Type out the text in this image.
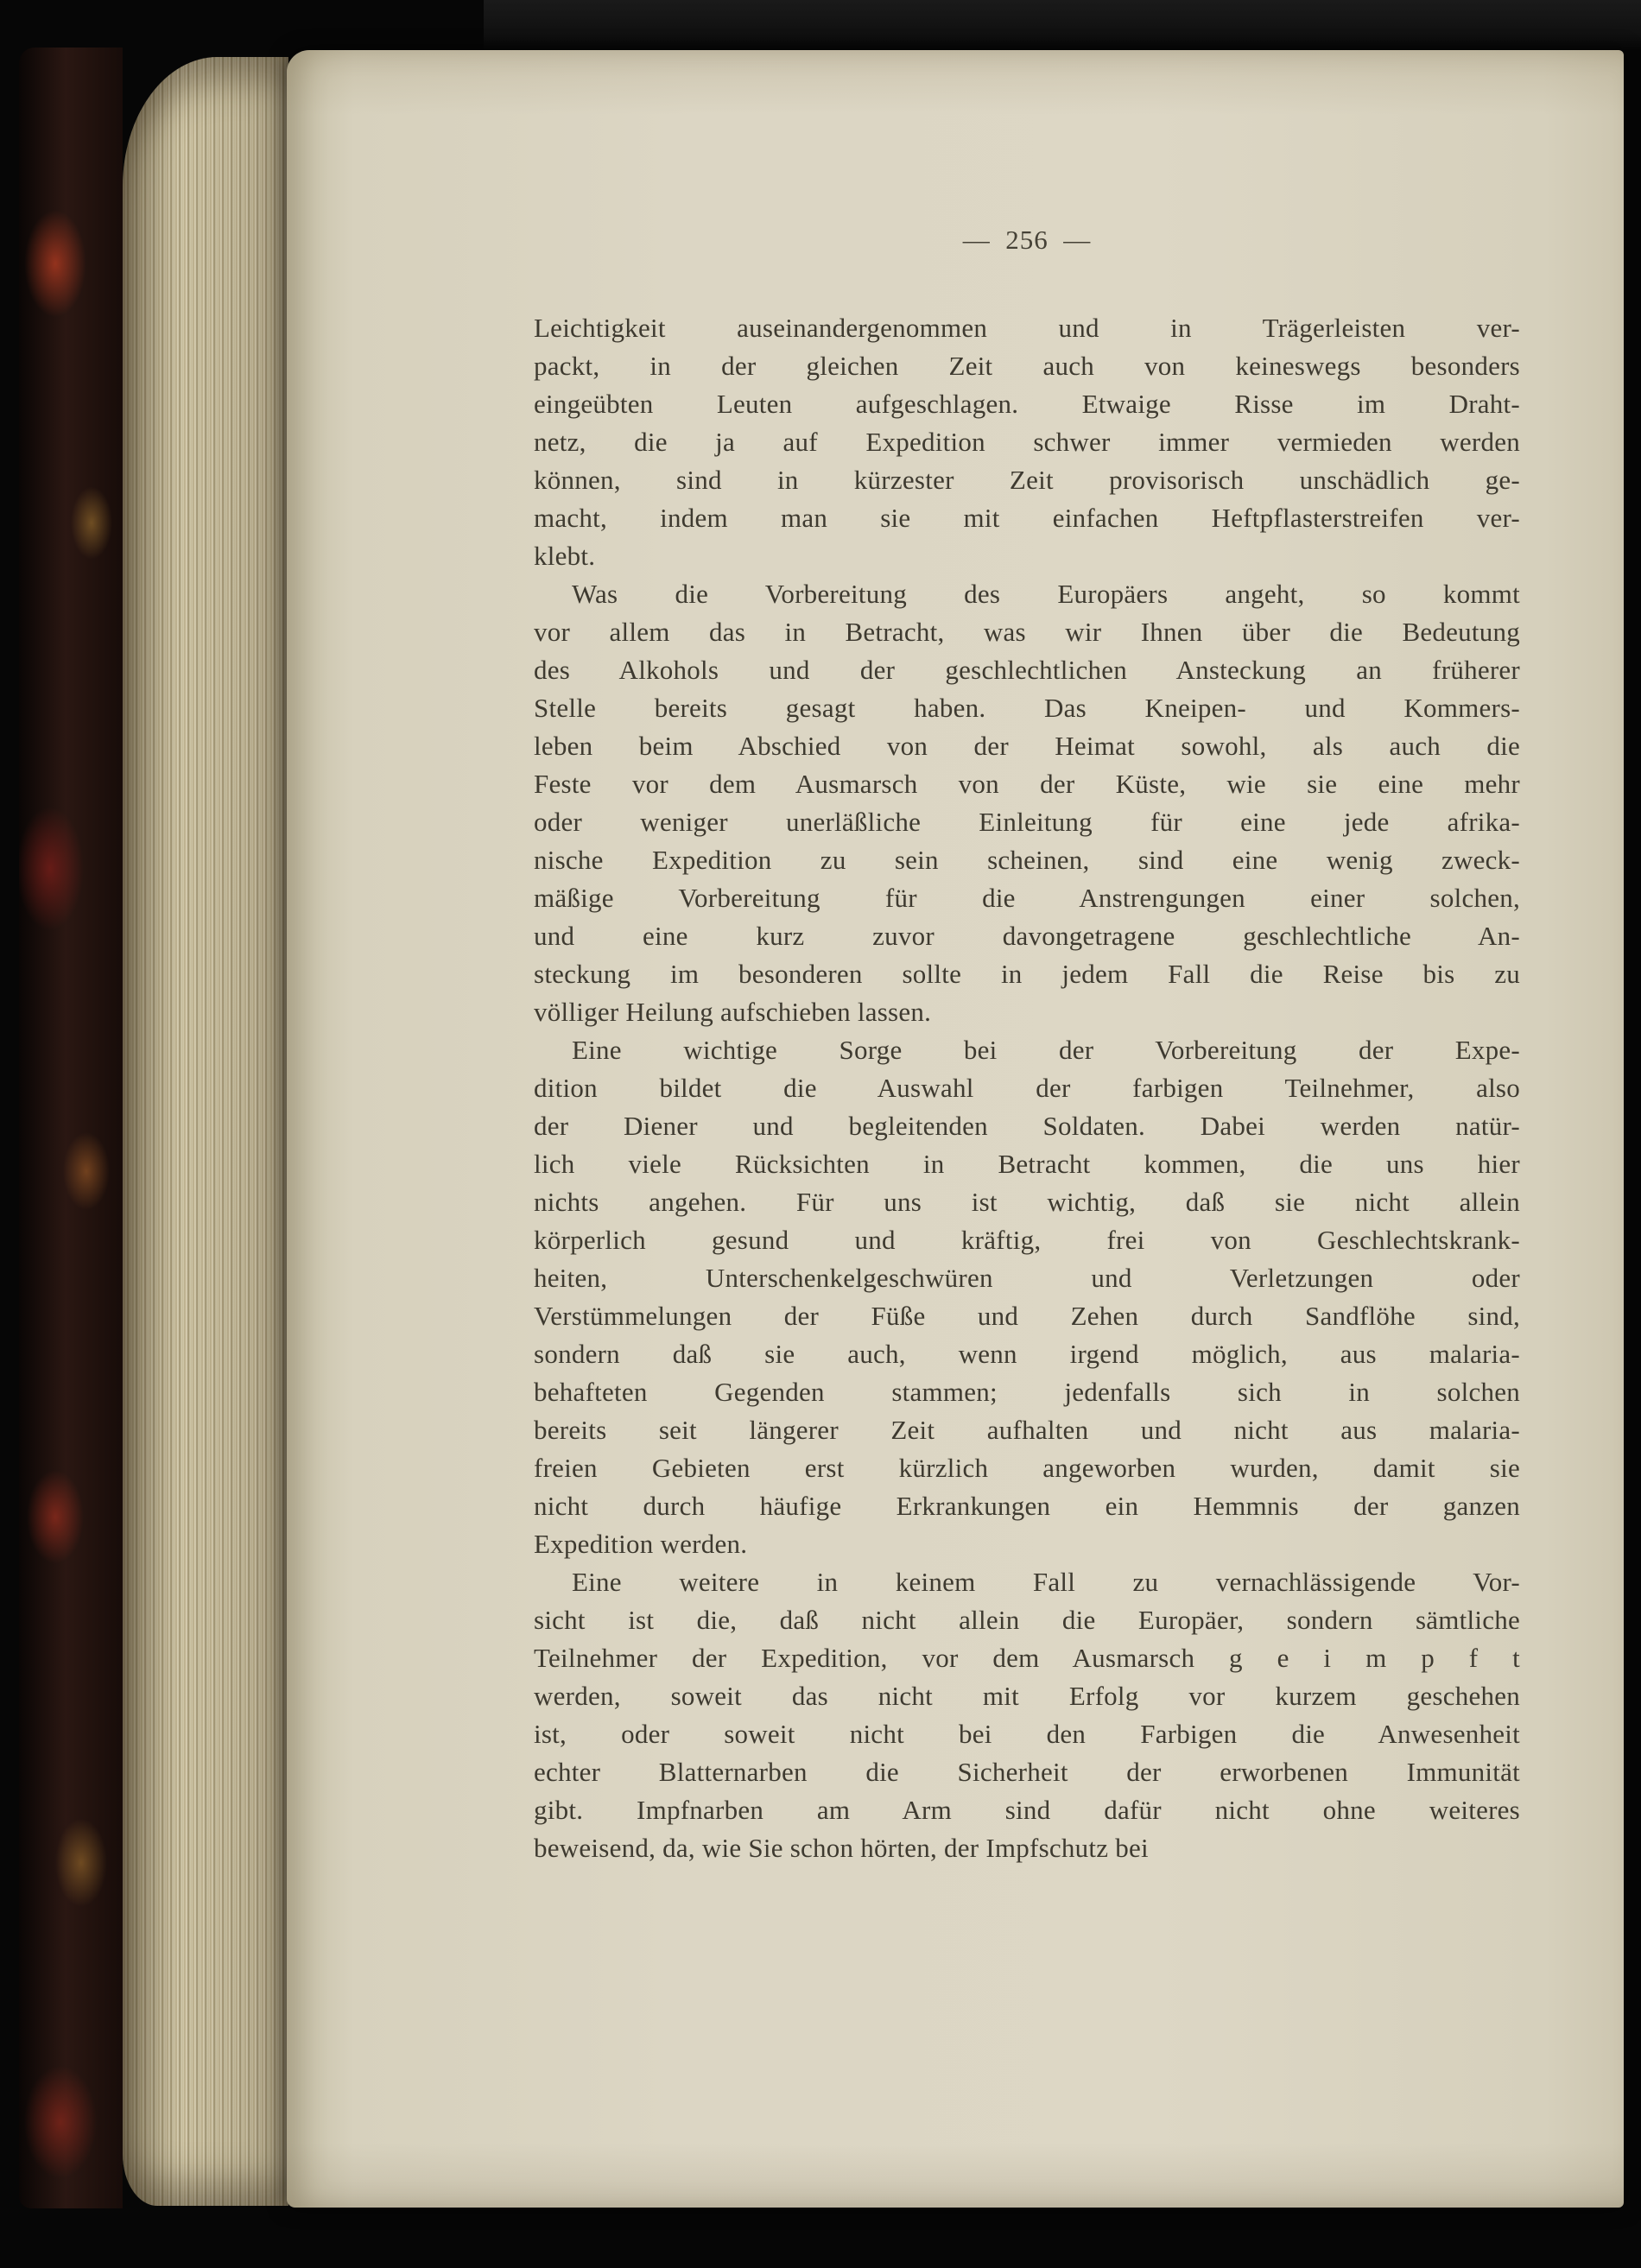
—  256  —
Leichtigkeit auseinandergenommen und in Trägerleisten ver-
packt, in der gleichen Zeit auch von keineswegs besonders
eingeübten Leuten aufgeschlagen. Etwaige Risse im Draht-
netz, die ja auf Expedition schwer immer vermieden werden
können, sind in kürzester Zeit provisorisch unschädlich ge-
macht, indem man sie mit einfachen Heftpflasterstreifen ver-
klebt.
Was die Vorbereitung des Europäers angeht, so kommt
vor allem das in Betracht, was wir Ihnen über die Bedeutung
des Alkohols und der geschlechtlichen Ansteckung an früherer
Stelle bereits gesagt haben. Das Kneipen- und Kommers-
leben beim Abschied von der Heimat sowohl, als auch die
Feste vor dem Ausmarsch von der Küste, wie sie eine mehr
oder weniger unerläßliche Einleitung für eine jede afrika-
nische Expedition zu sein scheinen, sind eine wenig zweck-
mäßige Vorbereitung für die Anstrengungen einer solchen,
und eine kurz zuvor davongetragene geschlechtliche An-
steckung im besonderen sollte in jedem Fall die Reise bis zu
völliger Heilung aufschieben lassen.
Eine wichtige Sorge bei der Vorbereitung der Expe-
dition bildet die Auswahl der farbigen Teilnehmer, also
der Diener und begleitenden Soldaten. Dabei werden natür-
lich viele Rücksichten in Betracht kommen, die uns hier
nichts angehen. Für uns ist wichtig, daß sie nicht allein
körperlich gesund und kräftig, frei von Geschlechtskrank-
heiten, Unterschenkelgeschwüren und Verletzungen oder
Verstümmelungen der Füße und Zehen durch Sandflöhe sind,
sondern daß sie auch, wenn irgend möglich, aus malaria-
behafteten Gegenden stammen; jedenfalls sich in solchen
bereits seit längerer Zeit aufhalten und nicht aus malaria-
freien Gebieten erst kürzlich angeworben wurden, damit sie
nicht durch häufige Erkrankungen ein Hemmnis der ganzen
Expedition werden.
Eine weitere in keinem Fall zu vernachlässigende Vor-
sicht ist die, daß nicht allein die Europäer, sondern sämtliche
Teilnehmer der Expedition, vor dem Ausmarsch g e i m p f t
werden, soweit das nicht mit Erfolg vor kurzem geschehen
ist, oder soweit nicht bei den Farbigen die Anwesenheit
echter Blatternarben die Sicherheit der erworbenen Immunität
gibt. Impfnarben am Arm sind dafür nicht ohne weiteres
beweisend, da, wie Sie schon hörten, der Impfschutz bei
